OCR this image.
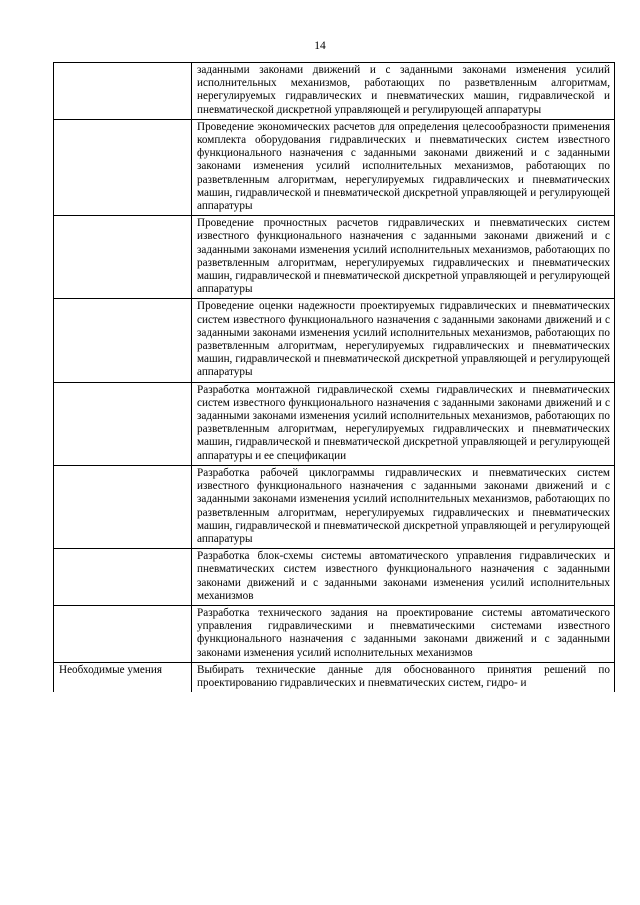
14
	заданными законами движений и с заданными законами изменения усилий исполнительных механизмов, работающих по разветвленным алгоритмам, нерегулируемых гидравлических и пневматических машин, гидравлической и пневматической дискретной управляющей и регулирующей аппаратуры
	Проведение экономических расчетов для определения целесообразности применения комплекта оборудования гидравлических и пневматических систем известного функционального назначения с заданными законами движений и с заданными законами изменения усилий исполнительных механизмов, работающих по разветвленным алгоритмам, нерегулируемых гидравлических и пневматических машин, гидравлической и пневматической дискретной управляющей и регулирующей аппаратуры
	Проведение прочностных расчетов гидравлических и пневматических систем известного функционального назначения с заданными законами движений и с заданными законами изменения усилий исполнительных механизмов, работающих по разветвленным алгоритмам, нерегулируемых гидравлических и пневматических машин, гидравлической и пневматической дискретной управляющей и регулирующей аппаратуры
	Проведение оценки надежности проектируемых гидравлических и пневматических систем известного функционального назначения с заданными законами движений и с заданными законами изменения усилий исполнительных механизмов, работающих по разветвленным алгоритмам, нерегулируемых гидравлических и пневматических машин, гидравлической и пневматической дискретной управляющей и регулирующей аппаратуры
	Разработка монтажной гидравлической схемы гидравлических и пневматических систем известного функционального назначения с заданными законами движений и с заданными законами изменения усилий исполнительных механизмов, работающих по разветвленным алгоритмам, нерегулируемых гидравлических и пневматических машин, гидравлической и пневматической дискретной управляющей и регулирующей аппаратуры и ее спецификации
	Разработка рабочей циклограммы гидравлических и пневматических систем известного функционального назначения с заданными законами движений и с заданными законами изменения усилий исполнительных механизмов, работающих по разветвленным алгоритмам, нерегулируемых гидравлических и пневматических машин, гидравлической и пневматической дискретной управляющей и регулирующей аппаратуры
	Разработка блок-схемы системы автоматического управления гидравлических и пневматических систем известного функционального назначения с заданными законами движений и с заданными законами изменения усилий исполнительных механизмов
	Разработка технического задания на проектирование системы автоматического управления гидравлическими и пневматическими системами известного функционального назначения с заданными законами движений и с заданными законами изменения усилий исполнительных механизмов
Необходимые умения	Выбирать технические данные для обоснованного принятия решений по проектированию гидравлических и пневматических систем, гидро- и
